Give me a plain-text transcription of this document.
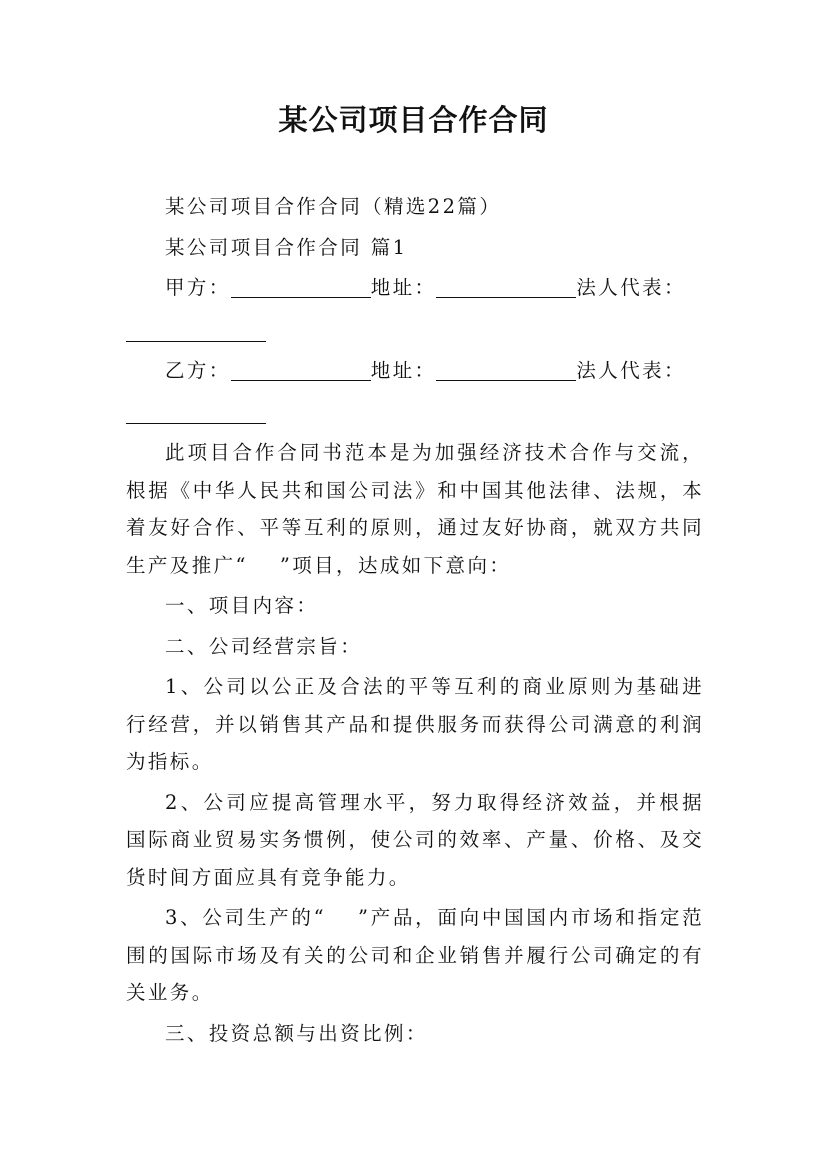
某公司项目合作合同

某公司项目合作合同（精选22篇）

某公司项目合作合同 篇1

甲方：	地址：	法人代表：
乙方：	地址：	法人代表：

此项目合作合同书范本是为加强经济技术合作与交流，根据《中华人民共和国公司法》和中国其他法律、法规，本着友好合作、平等互利的原则，通过友好协商，就双方共同生产及推广“ ”项目，达成如下意向：

一、项目内容：

二、公司经营宗旨：

1、公司以公正及合法的平等互利的商业原则为基础进行经营，并以销售其产品和提供服务而获得公司满意的利润为指标。

2、公司应提高管理水平，努力取得经济效益，并根据国际商业贸易实务惯例，使公司的效率、产量、价格、及交货时间方面应具有竞争能力。

3、公司生产的“ ”产品，面向中国国内市场和指定范围的国际市场及有关的公司和企业销售并履行公司确定的有关业务。

三、投资总额与出资比例：
